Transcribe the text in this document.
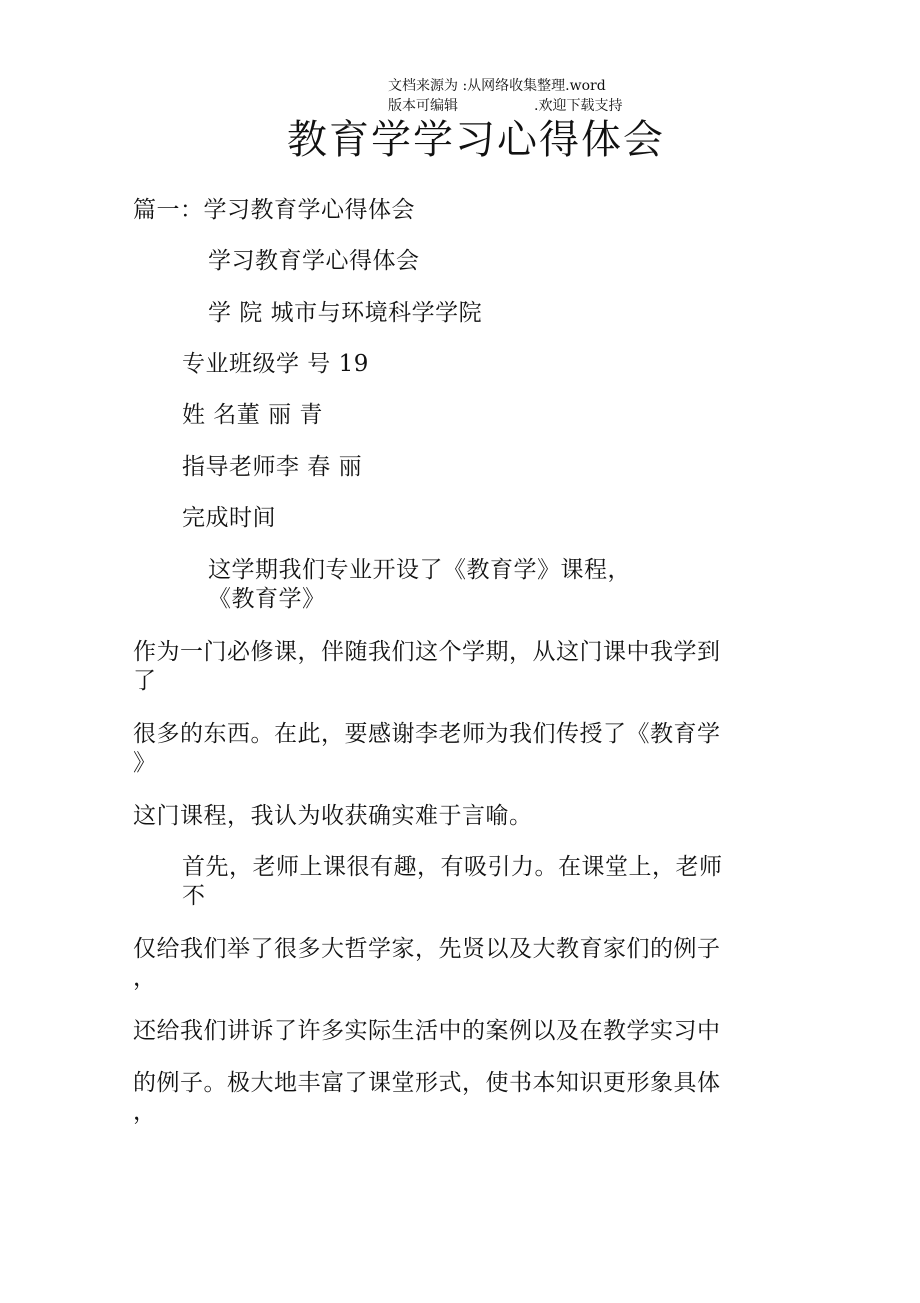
文档来源为 :从网络收集整理.word
版本可编辑	.欢迎下载支持
教育学学习心得体会
篇一：学习教育学心得体会
学习教育学心得体会
学 院 城市与环境科学学院
专业班级学 号 19
姓 名董 丽 青
指导老师李 春 丽
完成时间
这学期我们专业开设了《教育学》课程，
《教育学》
作为一门必修课，伴随我们这个学期，从这门课中我学到
了
很多的东西。在此，要感谢李老师为我们传授了《教育学
》
这门课程，我认为收获确实难于言喻。
首先，老师上课很有趣，有吸引力。在课堂上，老师
不
仅给我们举了很多大哲学家，先贤以及大教育家们的例子
，
还给我们讲诉了许多实际生活中的案例以及在教学实习中
的例子。极大地丰富了课堂形式，使书本知识更形象具体
，
